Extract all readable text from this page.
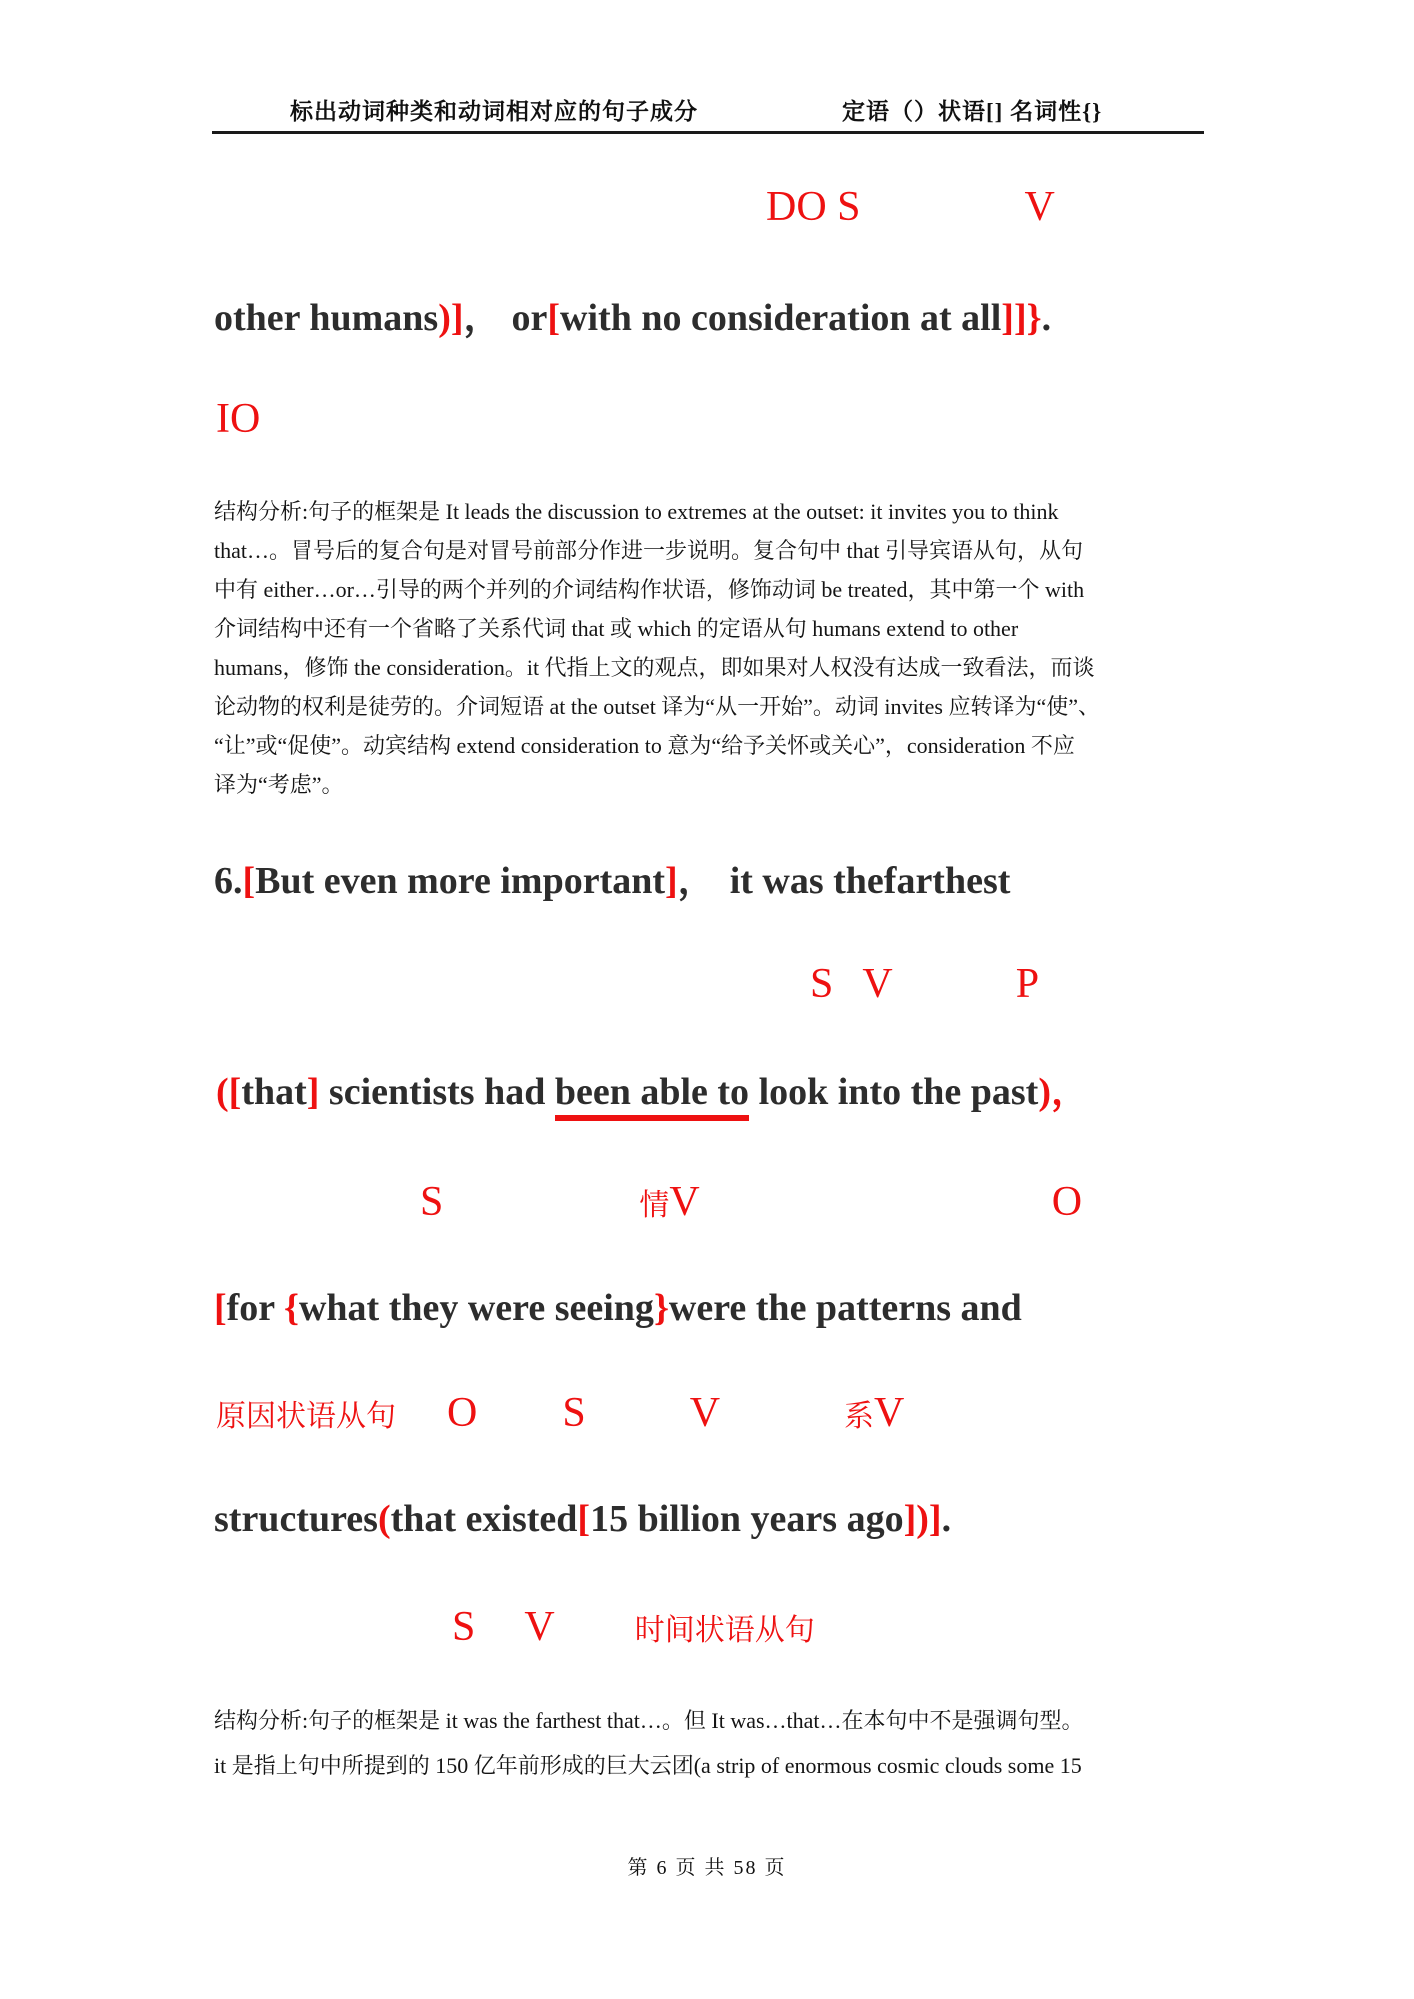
标出动词种类和动词相对应的句子成分	定语（）状语[] 名词性{}
DO S	V
other humans)]， or[with no consideration at all]]}.
IO
结构分析:句子的框架是 It leads the discussion to extremes at the outset: it invites you to think
that…。冒号后的复合句是对冒号前部分作进一步说明。复合句中 that 引导宾语从句，从句
中有 either…or…引导的两个并列的介词结构作状语，修饰动词 be treated，其中第一个 with
介词结构中还有一个省略了关系代词 that 或 which 的定语从句 humans extend to other
humans，修饰 the consideration。it 代指上文的观点，即如果对人权没有达成一致看法，而谈
论动物的权利是徒劳的。介词短语 at the outset 译为“从一开始”。动词 invites 应转译为“使”、
“让”或“促使”。动宾结构 extend consideration to 意为“给予关怀或关心”，consideration 不应
译为“考虑”。
6.[But even more important]， it was thefarthest
S V	P
([that] scientists had been able to look into the past)，
S	情V	O
[for {what they were seeing}were the patterns and
原因状语从句 O S V	系V
structures(that existed[15 billion years ago])].
S V	时间状语从句
结构分析:句子的框架是 it was the farthest that…。但 It was…that…在本句中不是强调句型。
it 是指上句中所提到的 150 亿年前形成的巨大云团(a strip of enormous cosmic clouds some 15
第 6 页 共 58 页
